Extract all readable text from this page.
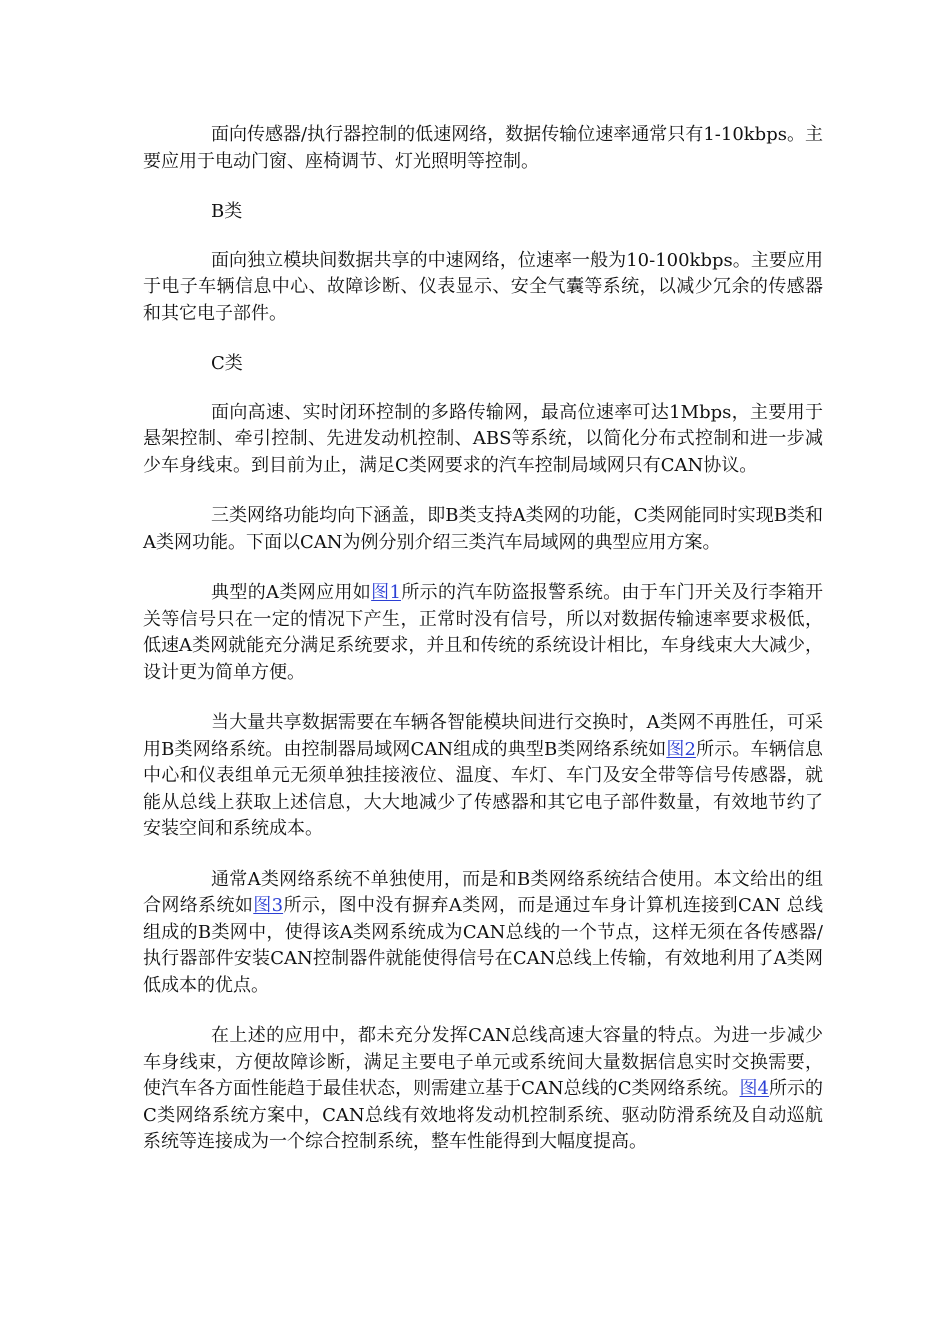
面向传感器/执行器控制的低速网络，数据传输位速率通常只有1-10kbps。主要应用于电动门窗、座椅调节、灯光照明等控制。

B类

面向独立模块间数据共享的中速网络，位速率一般为10-100kbps。主要应用于电子车辆信息中心、故障诊断、仪表显示、安全气囊等系统，以减少冗余的传感器和其它电子部件。

C类

面向高速、实时闭环控制的多路传输网，最高位速率可达1Mbps，主要用于悬架控制、牵引控制、先进发动机控制、ABS等系统，以简化分布式控制和进一步减少车身线束。到目前为止，满足C类网要求的汽车控制局域网只有CAN协议。

三类网络功能均向下涵盖，即B类支持A类网的功能，C类网能同时实现B类和A类网功能。下面以CAN为例分别介绍三类汽车局域网的典型应用方案。

典型的A类网应用如图1所示的汽车防盗报警系统。由于车门开关及行李箱开关等信号只在一定的情况下产生，正常时没有信号，所以对数据传输速率要求极低，低速A类网就能充分满足系统要求，并且和传统的系统设计相比，车身线束大大减少，设计更为简单方便。

当大量共享数据需要在车辆各智能模块间进行交换时，A类网不再胜任，可采用B类网络系统。由控制器局域网CAN组成的典型B类网络系统如图2所示。车辆信息中心和仪表组单元无须单独挂接液位、温度、车灯、车门及安全带等信号传感器，就能从总线上获取上述信息，大大地减少了传感器和其它电子部件数量，有效地节约了安装空间和系统成本。

通常A类网络系统不单独使用，而是和B类网络系统结合使用。本文给出的组合网络系统如图3所示，图中没有摒弃A类网，而是通过车身计算机连接到CAN 总线组成的B类网中，使得该A类网系统成为CAN总线的一个节点，这样无须在各传感器/执行器部件安装CAN控制器件就能使得信号在CAN总线上传输，有效地利用了A类网低成本的优点。

在上述的应用中，都未充分发挥CAN总线高速大容量的特点。为进一步减少车身线束，方便故障诊断，满足主要电子单元或系统间大量数据信息实时交换需要，使汽车各方面性能趋于最佳状态，则需建立基于CAN总线的C类网络系统。图4所示的C类网络系统方案中，CAN总线有效地将发动机控制系统、驱动防滑系统及自动巡航系统等连接成为一个综合控制系统，整车性能得到大幅度提高。
